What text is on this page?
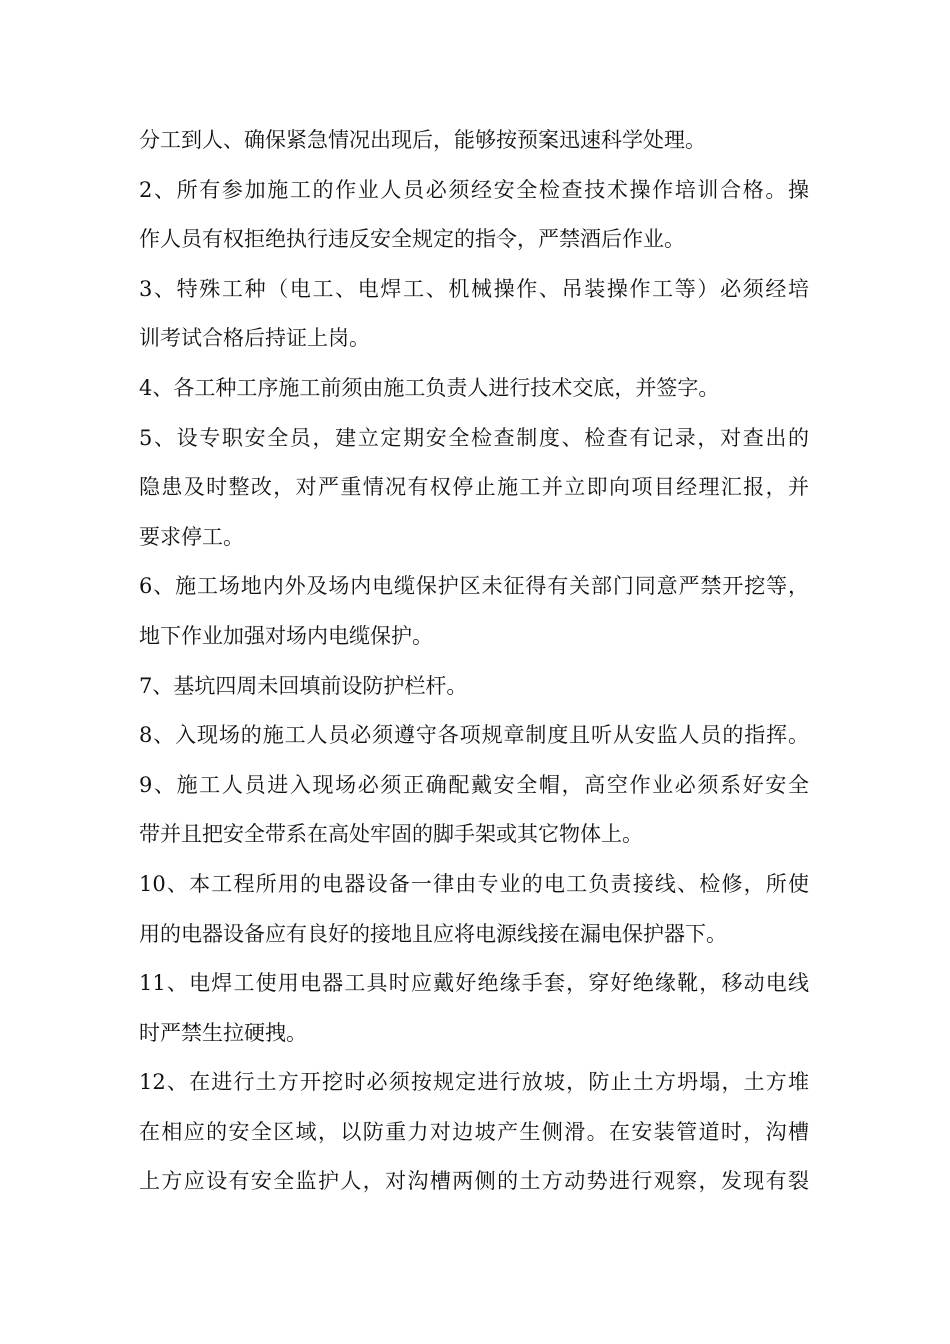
分工到人、确保紧急情况出现后，能够按预案迅速科学处理。
2、所有参加施工的作业人员必须经安全检查技术操作培训合格。操
作人员有权拒绝执行违反安全规定的指令，严禁酒后作业。
3、特殊工种（电工、电焊工、机械操作、吊装操作工等）必须经培
训考试合格后持证上岗。
4、各工种工序施工前须由施工负责人进行技术交底，并签字。
5、设专职安全员，建立定期安全检查制度、检查有记录，对查出的
隐患及时整改，对严重情况有权停止施工并立即向项目经理汇报，并
要求停工。
6、施工场地内外及场内电缆保护区未征得有关部门同意严禁开挖等，
地下作业加强对场内电缆保护。
7、基坑四周未回填前设防护栏杆。
8、入现场的施工人员必须遵守各项规章制度且听从安监人员的指挥。
9、施工人员进入现场必须正确配戴安全帽，高空作业必须系好安全
带并且把安全带系在高处牢固的脚手架或其它物体上。
10、本工程所用的电器设备一律由专业的电工负责接线、检修，所使
用的电器设备应有良好的接地且应将电源线接在漏电保护器下。
11、电焊工使用电器工具时应戴好绝缘手套，穿好绝缘靴，移动电线
时严禁生拉硬拽。
12、在进行土方开挖时必须按规定进行放坡，防止土方坍塌，土方堆
在相应的安全区域，以防重力对边坡产生侧滑。在安装管道时，沟槽
上方应设有安全监护人，对沟槽两侧的土方动势进行观察，发现有裂
